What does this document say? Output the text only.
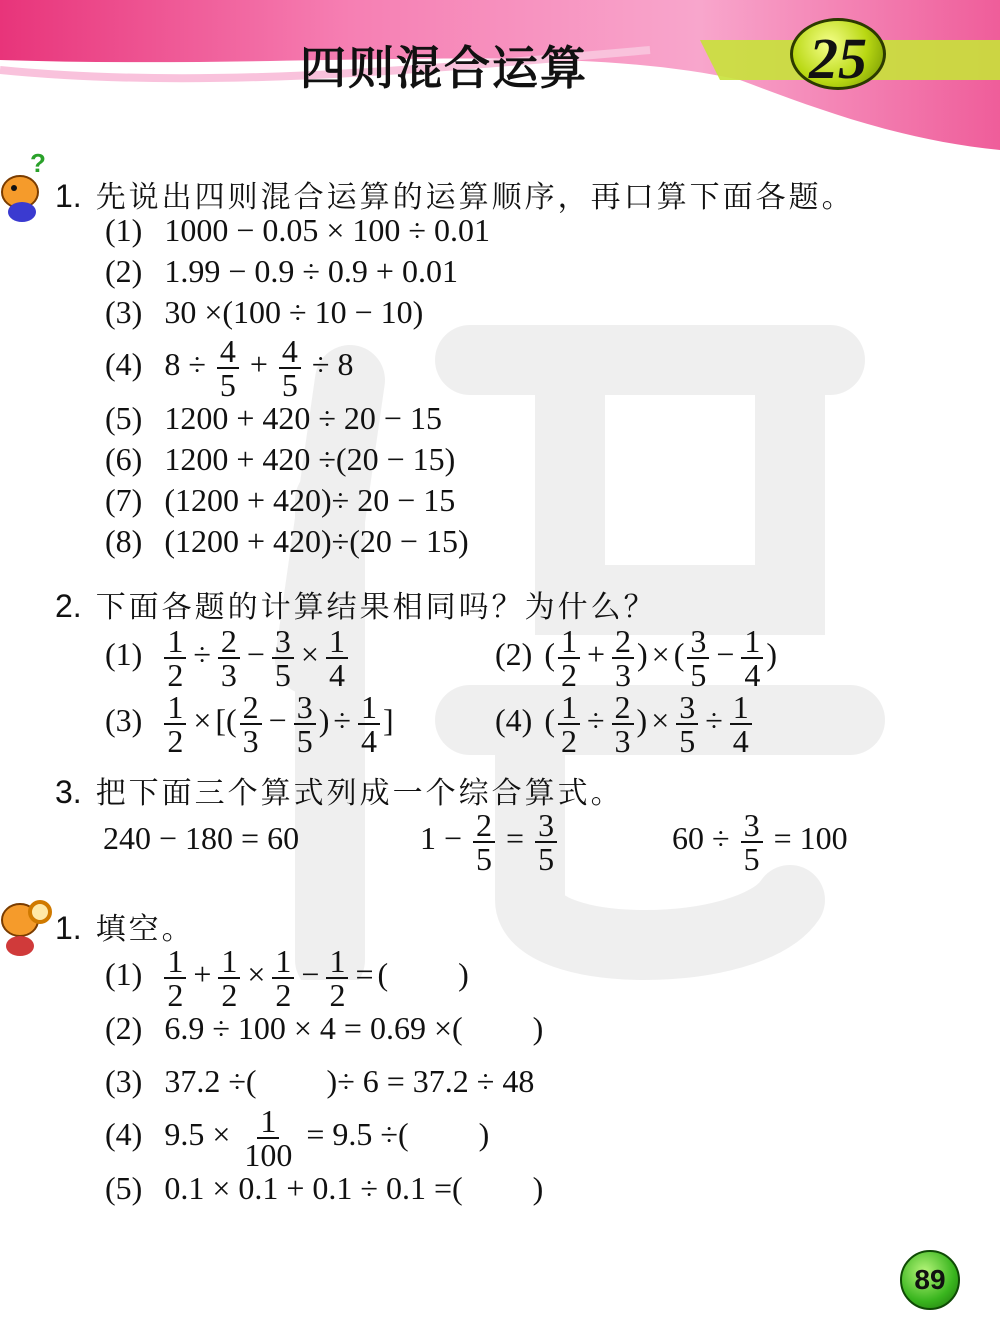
四则混合运算	25
?
1. 先说出四则混合运算的运算顺序，再口算下面各题。
(1) 1000 − 0.05 × 100 ÷ 0.01
(2) 1.99 − 0.9 ÷ 0.9 + 0.01
(3) 30 ×(100 ÷ 10 − 10)
(4) $8 \div \frac{4}{5} + \frac{4}{5} \div 8$
(5) 1200 + 420 ÷ 20 − 15
(6) 1200 + 420 ÷(20 − 15)
(7) (1200 + 420)÷ 20 − 15
(8) (1200 + 420)÷(20 − 15)
2. 下面各题的计算结果相同吗？为什么？
$(1) \frac{1}{2} \div \frac{2}{3} - \frac{3}{5} \times \frac{1}{4}$	(2) ( $\frac{1}{2} + \frac{2}{3}$ ) × ( $\frac{3}{5} - \frac{1}{4}$ )
$(3) \frac{1}{2}$ × [( $\frac{2}{3} - \frac{3}{5}$ ) ÷ $\frac{1}{4}$ ]	(4) ( $\frac{1}{2} \div \frac{2}{3}$ ) × $\frac{3}{5} \div \frac{1}{4}$
3. 把下面三个算式列成一个综合算式。
240 − 180 = 60	$1 - \frac{2}{5} = \frac{3}{5}$	$60 \div \frac{3}{5} = 100$
1. 填空。
$(1) \frac{1}{2} + \frac{1}{2} \times \frac{1}{2} - \frac{1}{2}$ = ( )
(2) 6.9 ÷ 100 × 4 = 0.69 ×( )
(3) 37.2 ÷( )÷ 6 = 37.2 ÷ 48
(4) $9.5 \times \frac{1}{100} = 9.5$ ÷( )
(5) 0.1 × 0.1 + 0.1 ÷ 0.1 =( )
89
